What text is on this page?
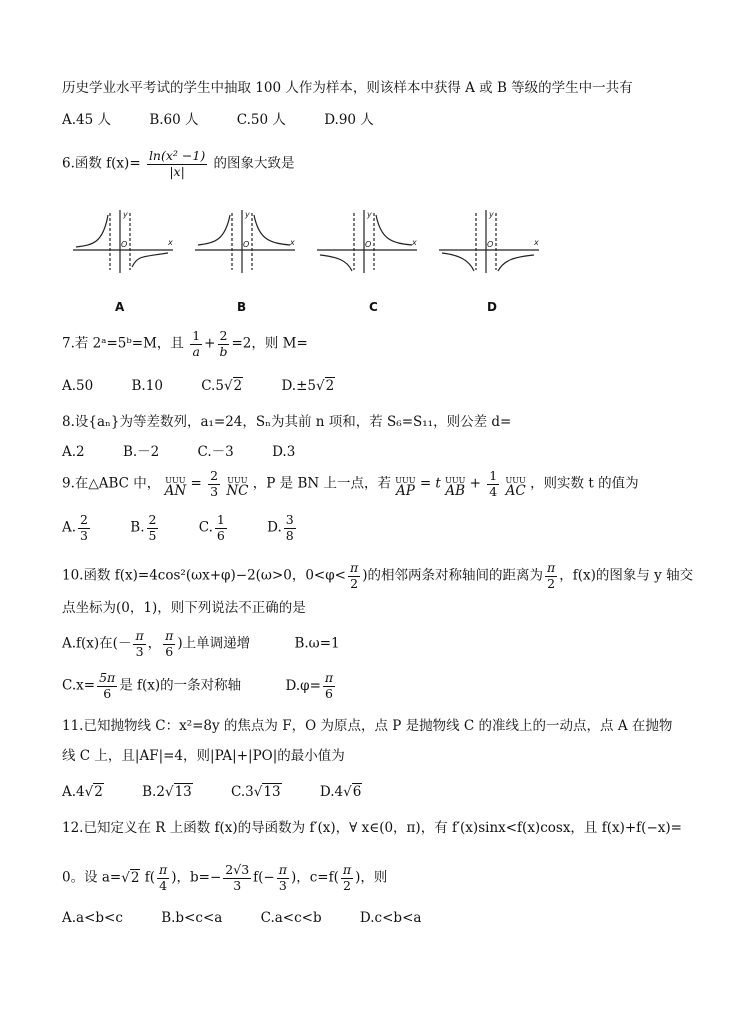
历史学业水平考试的学生中抽取 100 人作为样本，则该样本中获得 A 或 B 等级的学生中一共有
A.45 人	B.60 人	C.50 人	D.90 人
6.函数 $f(x)= \frac{\text{ln(x² −1)}}{|x|}$ 的图象大致是
y
x
O
y
x
O
y
x
O
y
x
O
A	B	C	D
7.若 2ᵃ=5ᵇ=M，且 $\frac{1}{a} + \frac{2}{b} =2$，则 M=
A.50	B.10	C.5√2	D.±5√2
8.设{aₙ}为等差数列，a₁=24，Sₙ为其前 n 项和，若 S₆=S₁₁，则公差 d=
A.2	B.－2	C.－3	D.3
9.在△ABC 中， UUU
AN = $\frac{2}{3}$
UUU
NC ，P 是 BN 上一点，若 UUU
AP = t UUU
AB + $\frac{1}{4}$
UUU
AC ，则实数 t 的值为
A. $\frac{2}{3}$	B. $\frac{2}{5}$	C. $\frac{1}{6}$	D. $\frac{3}{8}$
10.函数 f(x)=4cos²(ωx+φ)−2(ω>0，$0<\varphi< \frac{\pi}{2}$ )的相邻两条对称轴间的距离为 $\frac{\pi}{2}$ ，f(x)的图象与 y 轴交
点坐标为(0，1)，则下列说法不正确的是
A.f(x)在(－ $\frac{\pi}{3}$ ， $\frac{\pi}{6}$ )上单调递增	B.ω=1
$C.x= \frac{5\pi}{6}$ 是 f(x)的一条对称轴	$D.\varphi= \frac{\pi}{6}$
11.已知抛物线 C：x²=8y 的焦点为 F，O 为原点，点 P 是抛物线 C 的准线上的一动点，点 A 在抛物
线 C 上，且|AF|=4，则|PA|+|PO|的最小值为
A.4√2	B.2√13	C.3√13	D.4√6
12.已知定义在 R 上函数 f(x)的导函数为 f′(x)，∀ x∈(0，π)，有 f′(x)sinx<f(x)cosx，且 f(x)+f(−x)=
0。设 a=√2 $f( \frac{\pi}{4}$ )，$b=- \frac{2√3}{3} f(- \frac{\pi}{3}$ )，$c=f( \frac{\pi}{2}$ )，则
A.a<b<c	B.b<c<a	C.a<c<b	D.c<b<a
